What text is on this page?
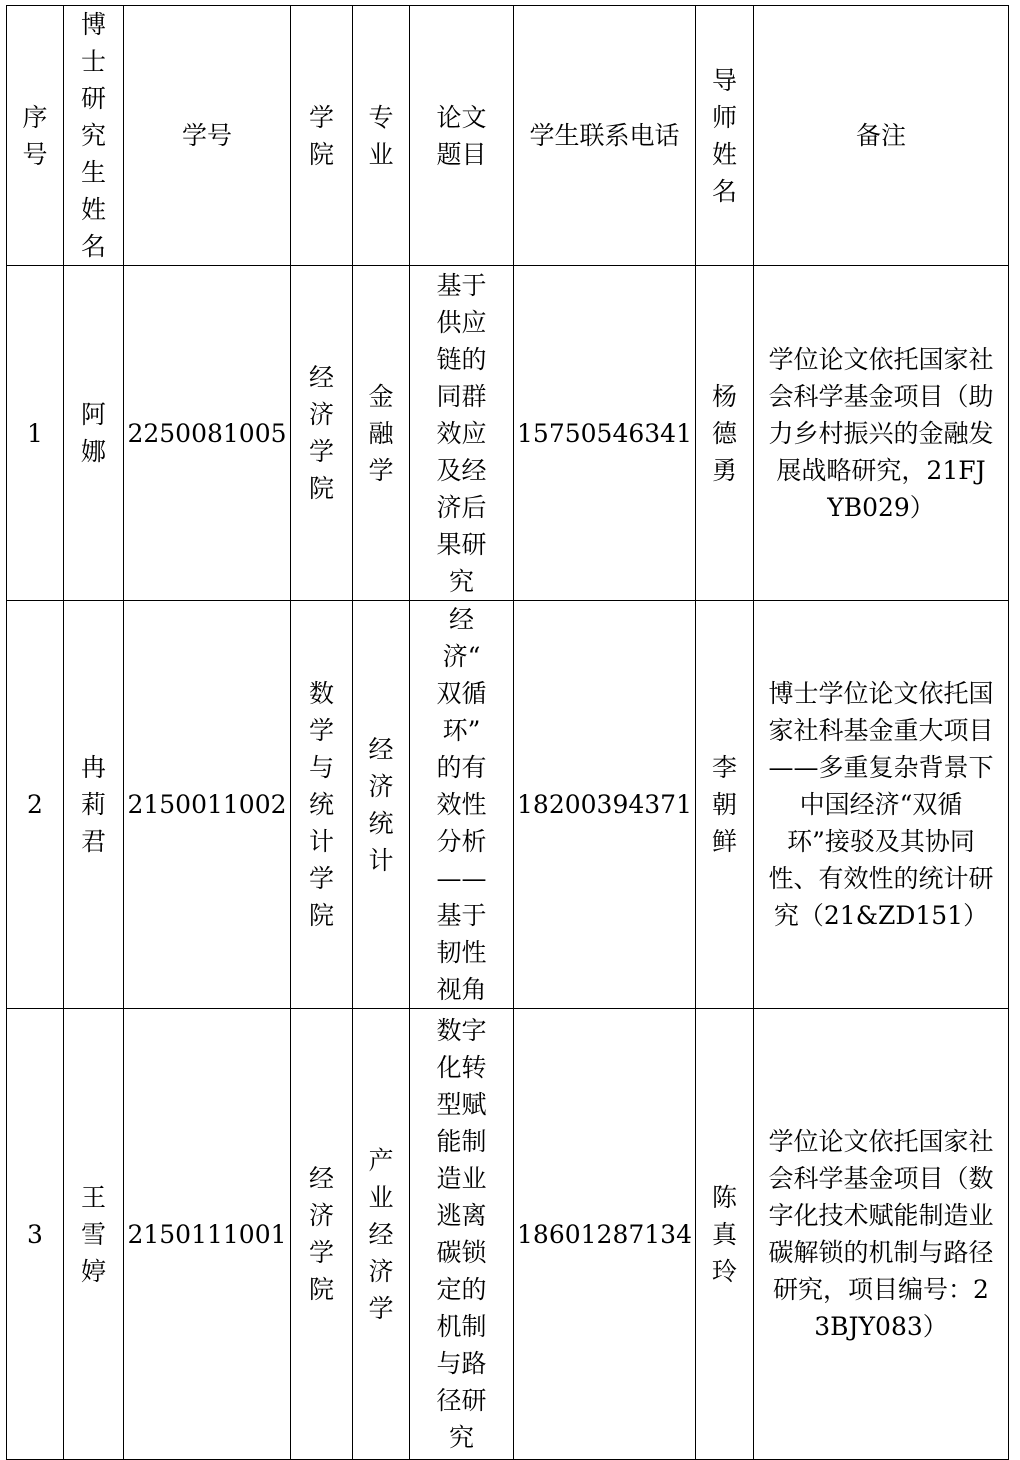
序号	博士研究生姓名	学号	学院	专业	论文题目	学生联系电话	导师姓名	备注
1	阿娜	2250081005	经济学院	金融学	基于供应链的同群效应及经济后果研究	15750546341	杨德勇	学位论文依托国家社会科学基金项目（助力乡村振兴的金融发展战略研究，21FJYB029）
2	冉莉君	2150011002	数学与统计学院	经济统计	经济“双循环”的有效性分析——基于韧性视角	18200394371	李朝鲜	博士学位论文依托国家社科基金重大项目——多重复杂背景下中国经济“双循环”接驳及其协同性、有效性的统计研究（21&ZD151）
3	王雪婷	2150111001	经济学院	产业经济学	数字化转型赋能制造业逃离碳锁定的机制与路径研究	18601287134	陈真玲	学位论文依托国家社会科学基金项目（数字化技术赋能制造业碳解锁的机制与路径研究，项目编号：23BJY083）
